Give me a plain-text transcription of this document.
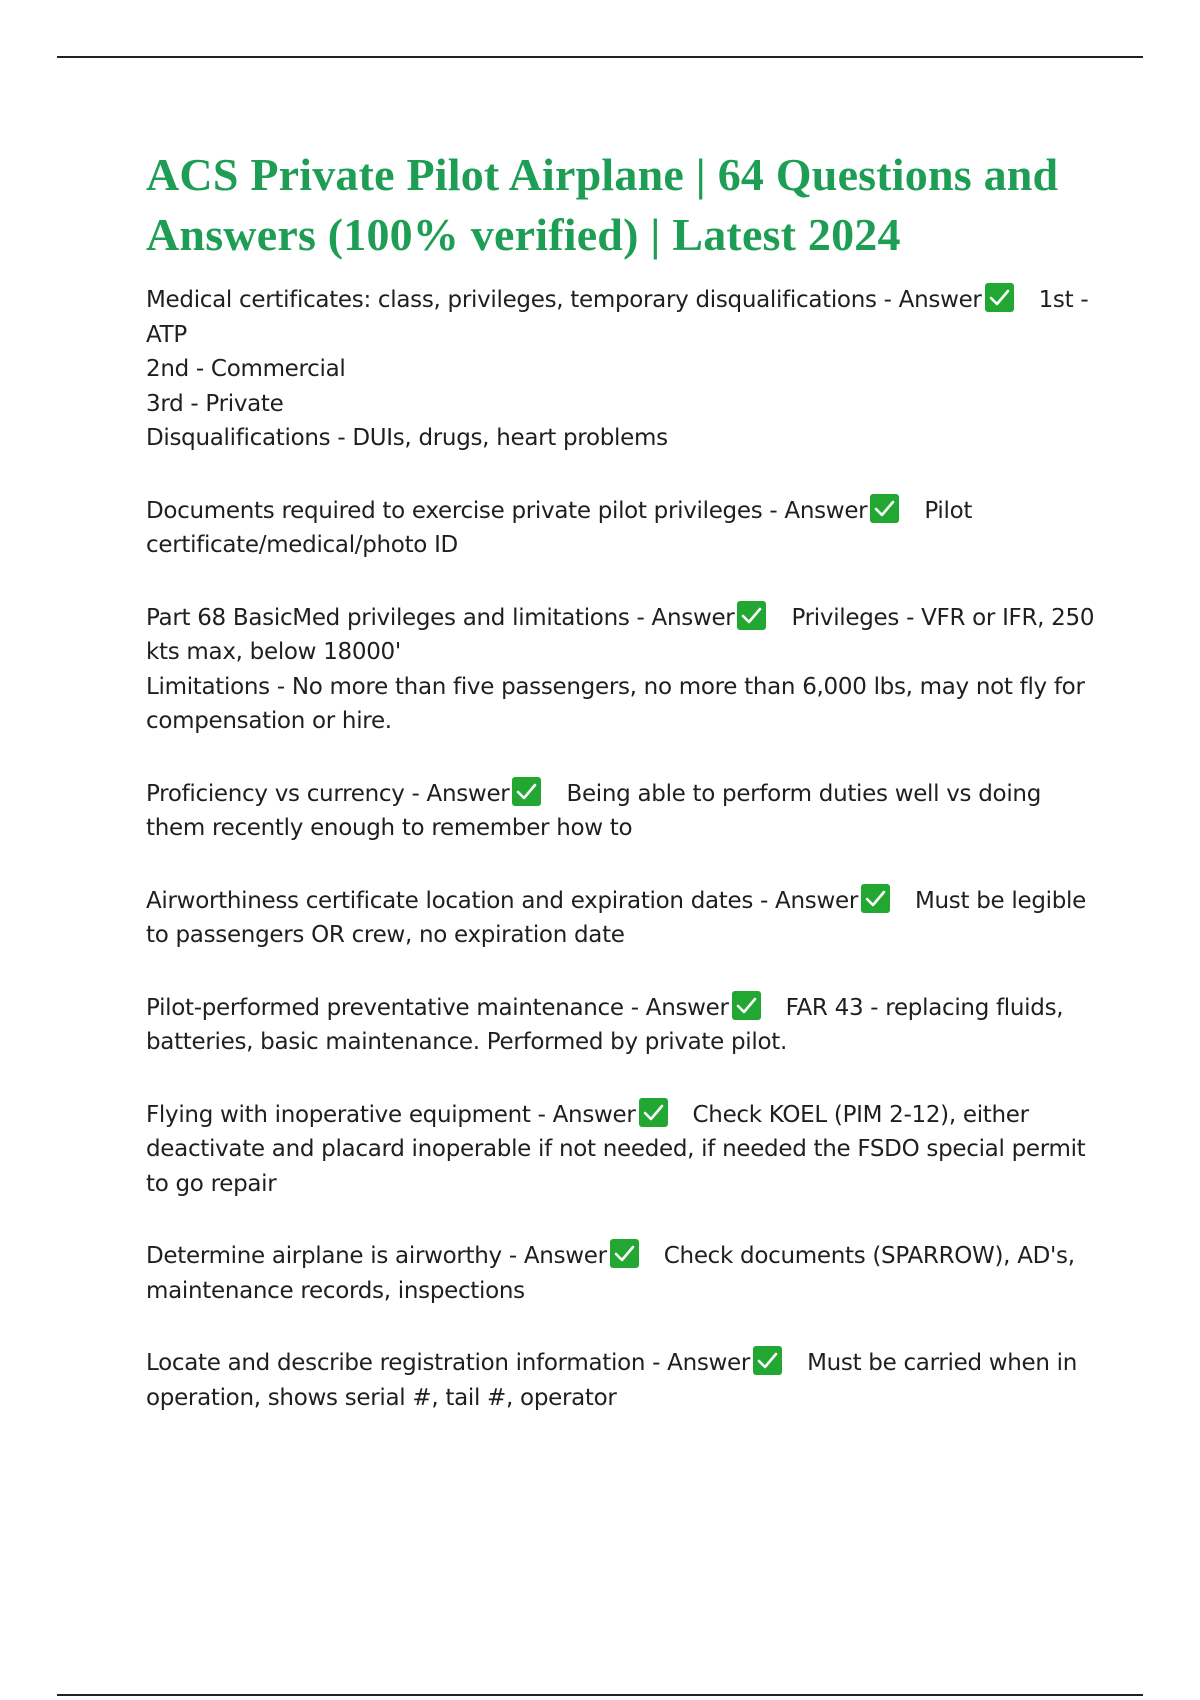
ACS Private Pilot Airplane | 64 Questions and Answers (100% verified) | Latest 2024

Medical certificates: class, privileges, temporary disqualifications - Answer 1st - ATP
2nd - Commercial
3rd - Private
Disqualifications - DUIs, drugs, heart problems

Documents required to exercise private pilot privileges - Answer Pilot certificate/medical/photo ID

Part 68 BasicMed privileges and limitations - Answer Privileges - VFR or IFR, 250 kts max, below 18000'
Limitations - No more than five passengers, no more than 6,000 lbs, may not fly for compensation or hire.

Proficiency vs currency - Answer Being able to perform duties well vs doing them recently enough to remember how to

Airworthiness certificate location and expiration dates - Answer Must be legible to passengers OR crew, no expiration date

Pilot-performed preventative maintenance - Answer FAR 43 - replacing fluids, batteries, basic maintenance. Performed by private pilot.

Flying with inoperative equipment - Answer Check KOEL (PIM 2-12), either deactivate and placard inoperable if not needed, if needed the FSDO special permit to go repair

Determine airplane is airworthy - Answer Check documents (SPARROW), AD's, maintenance records, inspections

Locate and describe registration information - Answer Must be carried when in operation, shows serial #, tail #, operator
